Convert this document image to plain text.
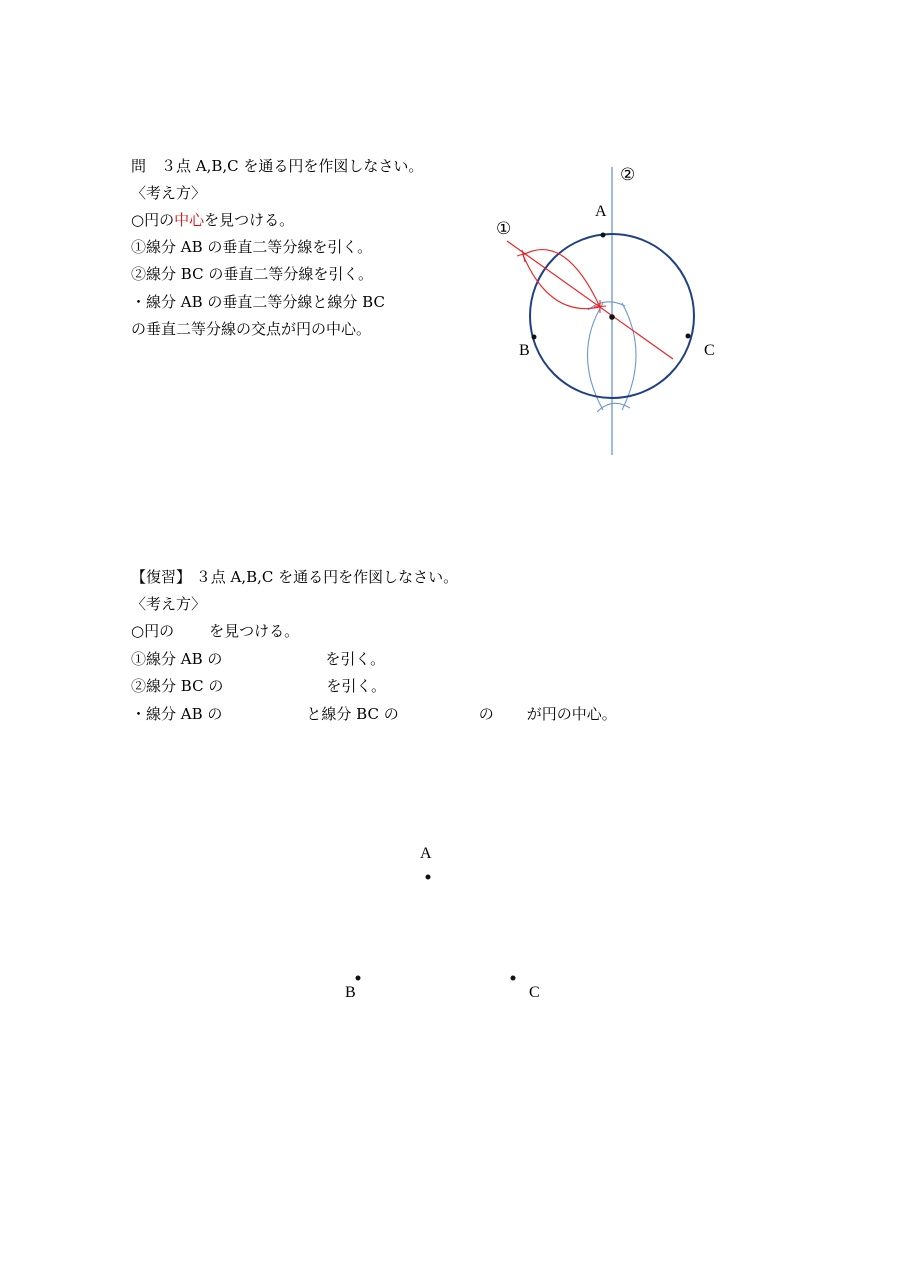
問　３点 A,B,C を通る円を作図しなさい。
〈考え方〉
○円の中心を見つける。
①線分 AB の垂直二等分線を引く。
②線分 BC の垂直二等分線を引く。
・線分 AB の垂直二等分線と線分 BC
の垂直二等分線の交点が円の中心。
A
B	C
①
②
【復習】 ３点 A,B,C を通る円を作図しなさい。
〈考え方〉
○円の を見つける。
①線分 AB の	を引く。
②線分 BC の	を引く。
・線分 AB の	と線分 BC の	の が円の中心。
A
B	C
